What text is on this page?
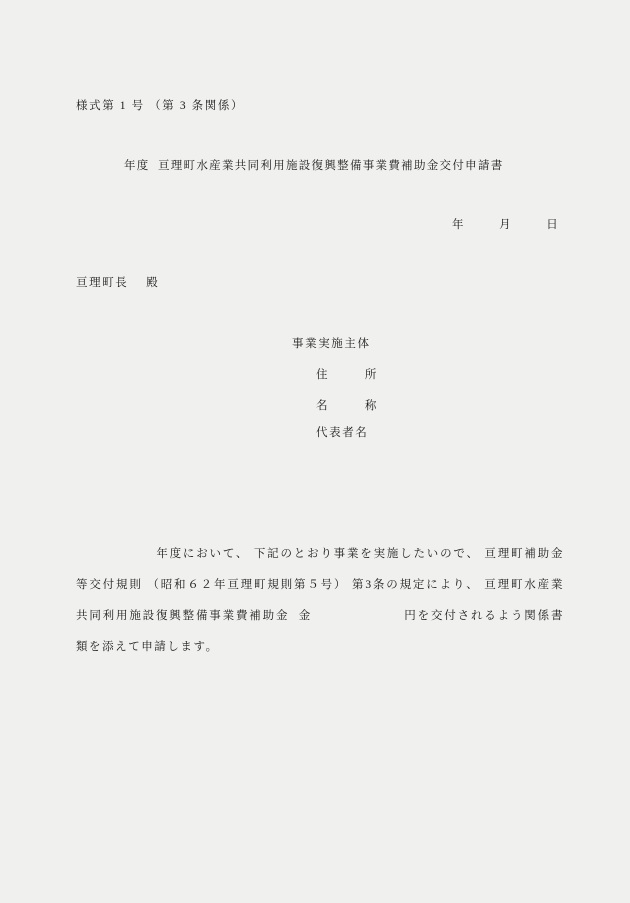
様式第 1 号 （第 3 条関係）
年度  亘理町水産業共同利用施設復興整備事業費補助金交付申請書
年        月        日
亘理町長    殿
事業実施主体
住        所
名        称
代表者名

年度において、 下記のとおり事業を実施したいので、 亘理町補助金等交付規則 （昭和６２年亘理町規則第５号） 第3条の規定により、 亘理町水産業共同利用施設復興整備事業費補助金  金	円を交付されるよう関係書類を添えて申請します。
